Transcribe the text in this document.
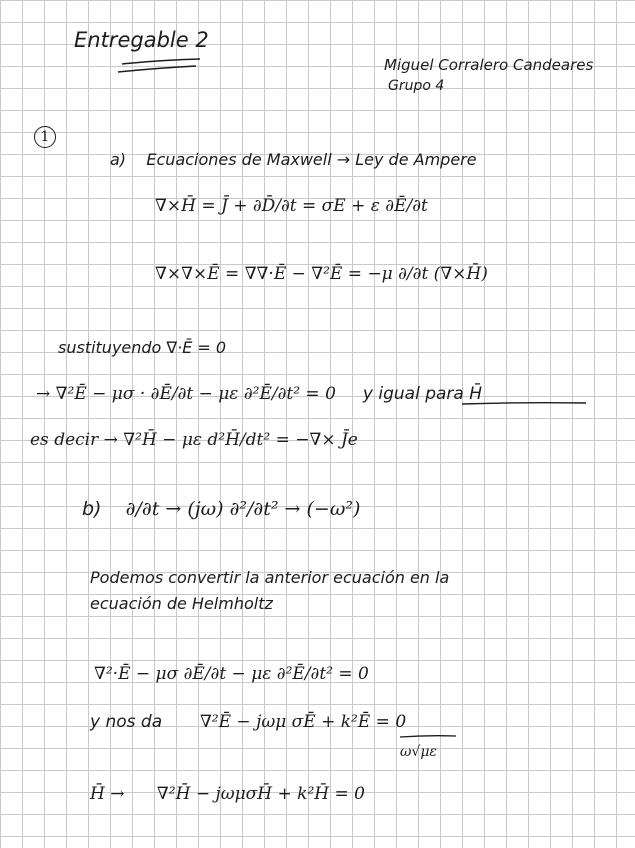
Entregable 2
Miguel Corralero Candeares
Grupo 4
1
a) Ecuaciones de Maxwell → Ley de Ampere
∇×H̄ = J̄ + ∂D̄/∂t = σE + ε ∂Ē/∂t
∇×∇×Ē = ∇∇·Ē − ∇²Ē = −μ ∂/∂t (∇×H̄)
sustituyendo ∇·Ē = 0
→ ∇²Ē − μσ · ∂Ē/∂t − με ∂²Ē/∂t² = 0 y igual para H̄
es decir → ∇²H̄ − με d²H̄/dt² = −∇× J̄e
b) ∂/∂t → (jω) ∂²/∂t² → (−ω²)
Podemos convertir la anterior ecuación en la
ecuación de Helmholtz
∇²·Ē − μσ ∂Ē/∂t − με ∂²Ē/∂t² = 0
y nos da ∇²Ē − jωμ σĒ + k²Ē = 0
ω√με
H̄ → ∇²H̄ − jωμσH̄ + k²H̄ = 0
